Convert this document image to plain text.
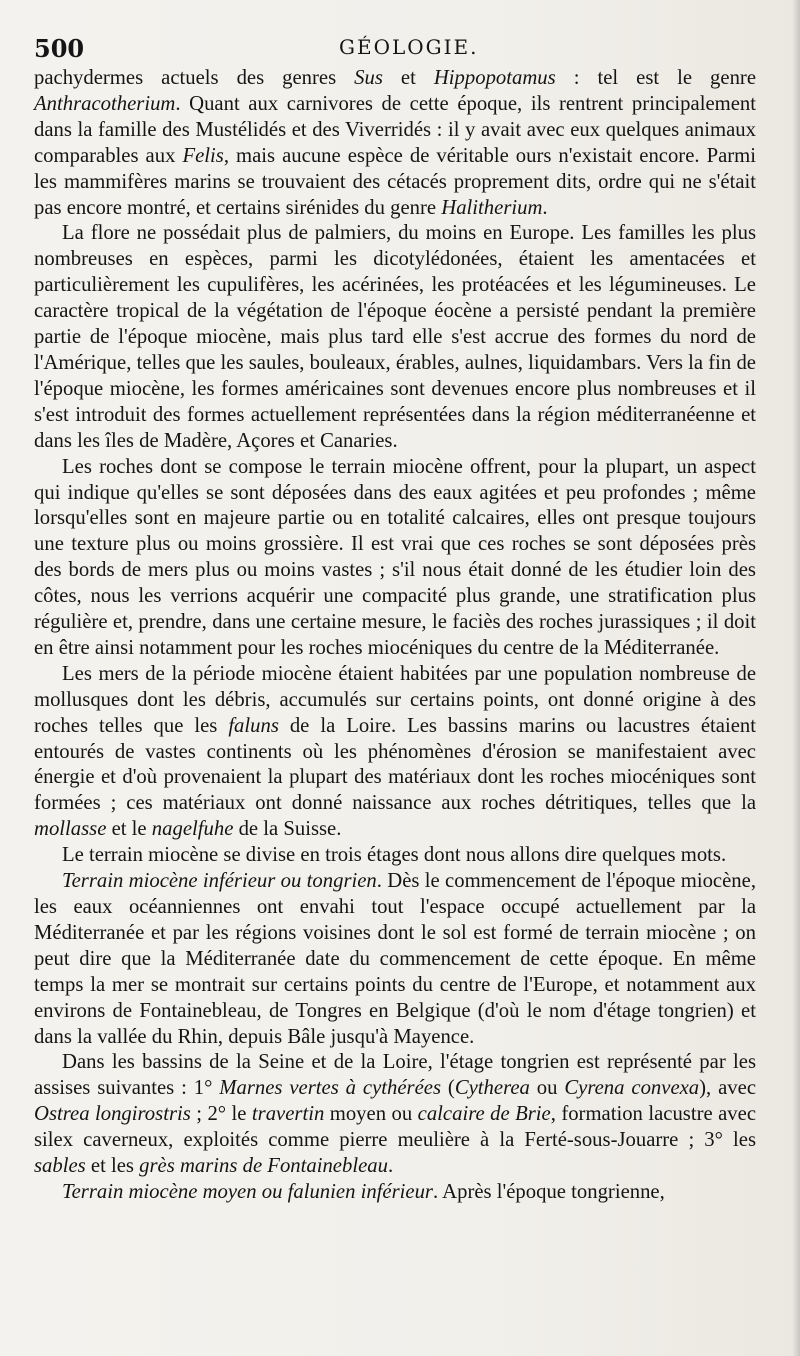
500	GÉOLOGIE.

pachydermes actuels des genres Sus et Hippopotamus : tel est le genre Anthracotherium. Quant aux carnivores de cette époque, ils rentrent principalement dans la famille des Mustélidés et des Viverridés : il y avait avec eux quelques animaux comparables aux Felis, mais aucune espèce de véritable ours n'existait encore. Parmi les mammifères marins se trouvaient des cétacés proprement dits, ordre qui ne s'était pas encore montré, et certains sirénides du genre Halitherium.

La flore ne possédait plus de palmiers, du moins en Europe. Les familles les plus nombreuses en espèces, parmi les dicotylédonées, étaient les amentacées et particulièrement les cupulifères, les acérinées, les protéacées et les légumineuses. Le caractère tropical de la végétation de l'époque éocène a persisté pendant la première partie de l'époque miocène, mais plus tard elle s'est accrue des formes du nord de l'Amérique, telles que les saules, bouleaux, érables, aulnes, liquidambars. Vers la fin de l'époque miocène, les formes américaines sont devenues encore plus nombreuses et il s'est introduit des formes actuellement représentées dans la région méditerranéenne et dans les îles de Madère, Açores et Canaries.

Les roches dont se compose le terrain miocène offrent, pour la plupart, un aspect qui indique qu'elles se sont déposées dans des eaux agitées et peu profondes ; même lorsqu'elles sont en majeure partie ou en totalité calcaires, elles ont presque toujours une texture plus ou moins grossière. Il est vrai que ces roches se sont déposées près des bords de mers plus ou moins vastes ; s'il nous était donné de les étudier loin des côtes, nous les verrions acquérir une compacité plus grande, une stratification plus régulière et, prendre, dans une certaine mesure, le faciès des roches jurassiques ; il doit en être ainsi notamment pour les roches miocéniques du centre de la Méditerranée.

Les mers de la période miocène étaient habitées par une population nombreuse de mollusques dont les débris, accumulés sur certains points, ont donné origine à des roches telles que les faluns de la Loire. Les bassins marins ou lacustres étaient entourés de vastes continents où les phénomènes d'érosion se manifestaient avec énergie et d'où provenaient la plupart des matériaux dont les roches miocéniques sont formées ; ces matériaux ont donné naissance aux roches détritiques, telles que la mollasse et le nagelfuhe de la Suisse.

Le terrain miocène se divise en trois étages dont nous allons dire quelques mots.

Terrain miocène inférieur ou tongrien. Dès le commencement de l'époque miocène, les eaux océanniennes ont envahi tout l'espace occupé actuellement par la Méditerranée et par les régions voisines dont le sol est formé de terrain miocène ; on peut dire que la Méditerranée date du commencement de cette époque. En même temps la mer se montrait sur certains points du centre de l'Europe, et notamment aux environs de Fontainebleau, de Tongres en Belgique (d'où le nom d'étage tongrien) et dans la vallée du Rhin, depuis Bâle jusqu'à Mayence.

Dans les bassins de la Seine et de la Loire, l'étage tongrien est représenté par les assises suivantes : 1° Marnes vertes à cythérées (Cytherea ou Cyrena convexa), avec Ostrea longirostris ; 2° le travertin moyen ou calcaire de Brie, formation lacustre avec silex caverneux, exploités comme pierre meulière à la Ferté-sous-Jouarre ; 3° les sables et les grès marins de Fontainebleau.

Terrain miocène moyen ou falunien inférieur. Après l'époque tongrienne,
